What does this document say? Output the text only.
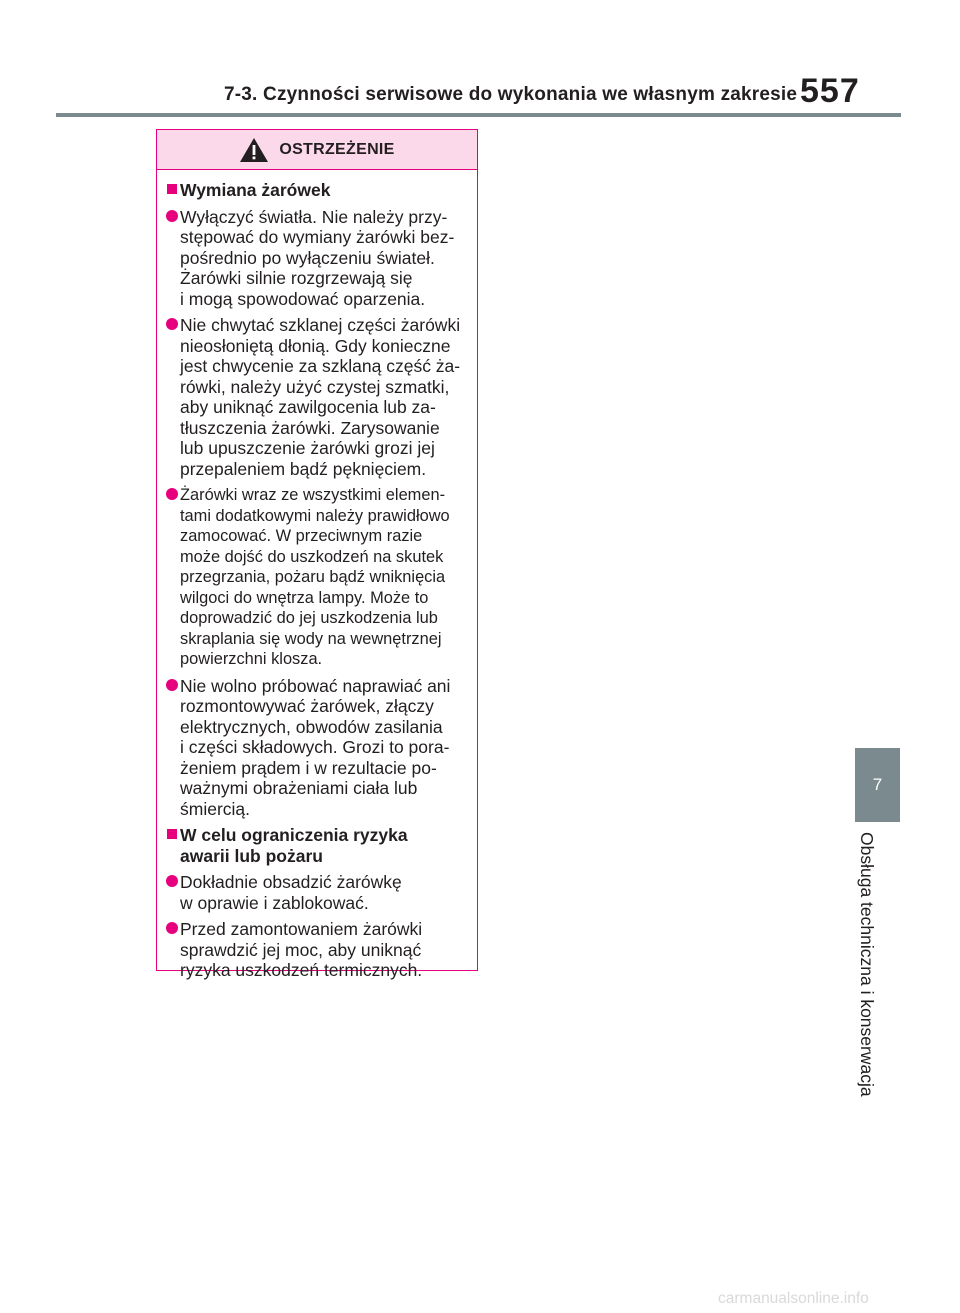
7-3. Czynności serwisowe do wykonania we własnym zakresie 557
OSTRZEŻENIE
Wymiana żarówek
Wyłączyć światła. Nie należy przy-
stępować do wymiany żarówki bez-
pośrednio po wyłączeniu świateł.
Żarówki silnie rozgrzewają się
i mogą spowodować oparzenia.
Nie chwytać szklanej części żarówki
nieosłoniętą dłonią. Gdy konieczne
jest chwycenie za szklaną część ża-
rówki, należy użyć czystej szmatki,
aby uniknąć zawilgocenia lub za-
tłuszczenia żarówki. Zarysowanie
lub upuszczenie żarówki grozi jej
przepaleniem bądź pęknięciem.
Żarówki wraz ze wszystkimi elemen-
tami dodatkowymi należy prawidłowo
zamocować. W przeciwnym razie
może dojść do uszkodzeń na skutek
przegrzania, pożaru bądź wniknięcia
wilgoci do wnętrza lampy. Może to
doprowadzić do jej uszkodzenia lub
skraplania się wody na wewnętrznej
powierzchni klosza.
Nie wolno próbować naprawiać ani
rozmontowywać żarówek, złączy
elektrycznych, obwodów zasilania
i części składowych. Grozi to pora-
żeniem prądem i w rezultacie po-
ważnymi obrażeniami ciała lub
śmiercią.
W celu ograniczenia ryzyka
awarii lub pożaru
Dokładnie obsadzić żarówkę
w oprawie i zablokować.
Przed zamontowaniem żarówki
sprawdzić jej moc, aby uniknąć
ryzyka uszkodzeń termicznych.
7
Obsługa techniczna i konserwacja
carmanualsonline.info
